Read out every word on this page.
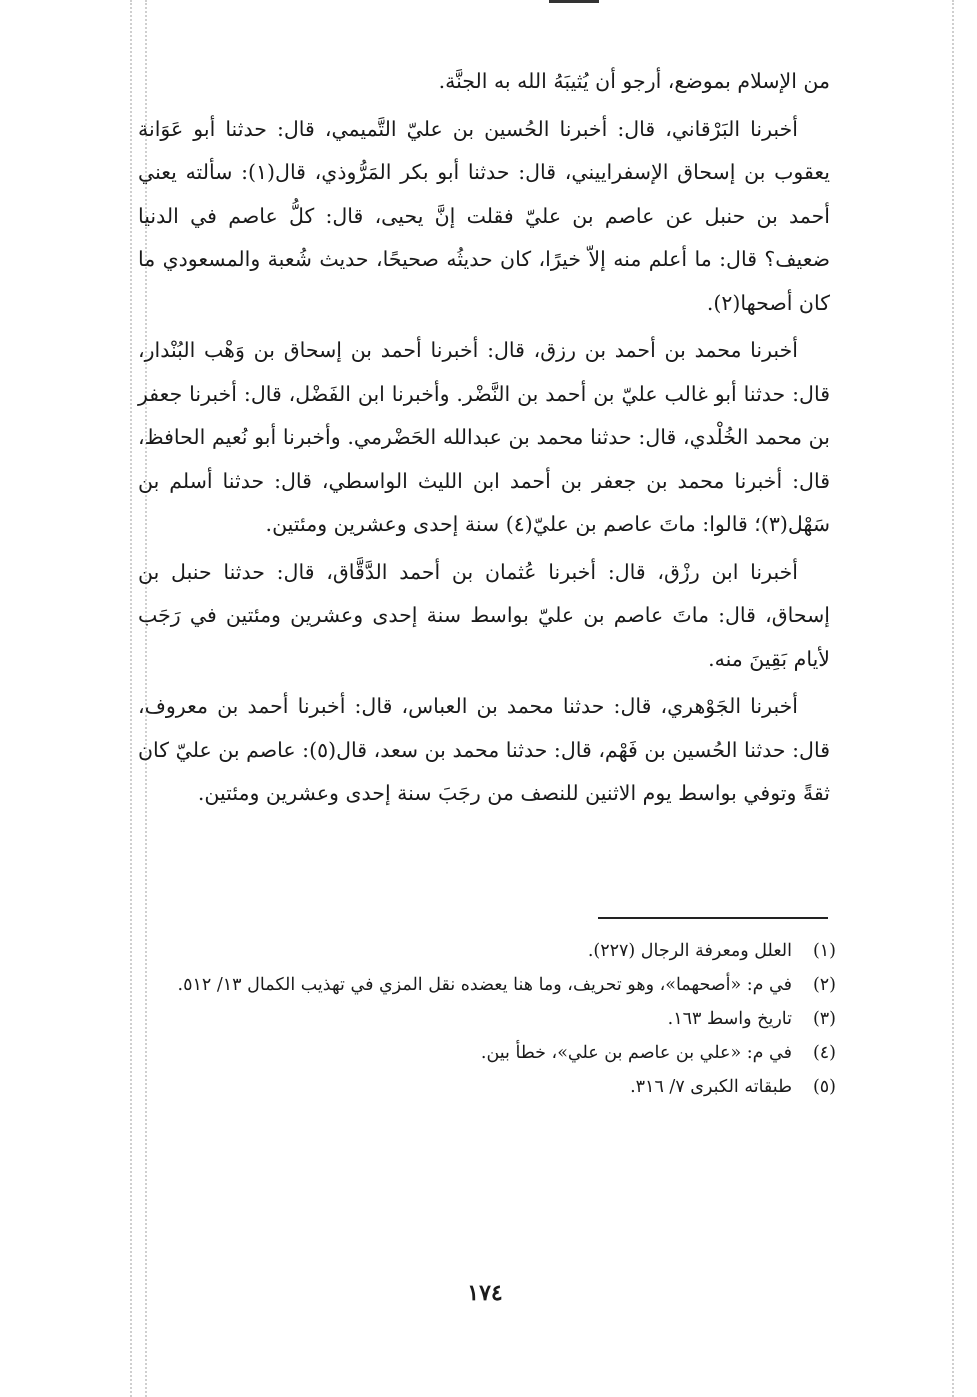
من الإسلام بموضع، أرجو أن يُثيبَهُ الله به الجنَّة.

أخبرنا البَرْقاني، قال: أخبرنا الحُسين بن عليّ التَّميمي، قال: حدثنا أبو عَوَانة يعقوب بن إسحاق الإسفراييني، قال: حدثنا أبو بكر المَرُّوذي، قال(١): سألته يعني أحمد بن حنبل عن عاصم بن عليّ فقلت إنَّ يحيى، قال: كلُّ عاصم في الدنيا ضعيف؟ قال: ما أعلم منه إلاّ خيرًا، كان حديثُه صحيحًا، حديث شُعبة والمسعودي ما كان أصحها(٢).

أخبرنا محمد بن أحمد بن رزق، قال: أخبرنا أحمد بن إسحاق بن وَهْب البُنْدار، قال: حدثنا أبو غالب عليّ بن أحمد بن النَّضْر. وأخبرنا ابن الفَضْل، قال: أخبرنا جعفر بن محمد الخُلْدي، قال: حدثنا محمد بن عبدالله الحَضْرمي. وأخبرنا أبو نُعيم الحافظ، قال: أخبرنا محمد بن جعفر بن أحمد ابن الليث الواسطي، قال: حدثنا أسلم بن سَهْل(٣)؛ قالوا: ماتَ عاصم بن عليّ(٤) سنة إحدى وعشرين ومئتين.

أخبرنا ابن رزْق، قال: أخبرنا عُثمان بن أحمد الدَّقَّاق، قال: حدثنا حنبل بن إسحاق، قال: ماتَ عاصم بن عليّ بواسط سنة إحدى وعشرين ومئتين في رَجَب لأيام بَقِينَ منه.

أخبرنا الجَوْهري، قال: حدثنا محمد بن العباس، قال: أخبرنا أحمد بن معروف، قال: حدثنا الحُسين بن فَهْم، قال: حدثنا محمد بن سعد، قال(٥): عاصم بن عليّ كان ثقةً وتوفي بواسط يوم الاثنين للنصف من رجَبَ سنة إحدى وعشرين ومئتين.

(١)
العلل ومعرفة الرجال (٢٢٧).
(٢)
في م: «أصحهما»، وهو تحريف، وما هنا يعضده نقل المزي في تهذيب الكمال ١٣/ ٥١٢.
(٣)
تاريخ واسط ١٦٣.
(٤)
في م: «علي بن عاصم بن علي»، خطأ بين.
(٥)
طبقاته الكبرى ٧/ ٣١٦.
١٧٤
